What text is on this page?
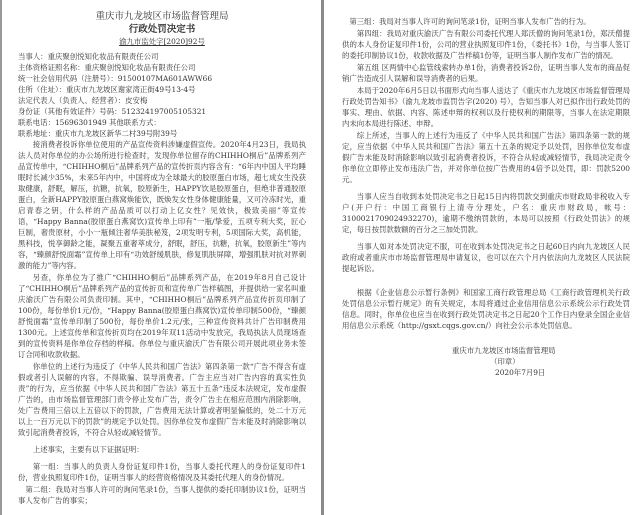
重庆市九龙坡区市场监督管理局
行政处罚决定书
渝九市监处字[2020]92号
当事人：重庆聚创悦知化妆品有限责任公司
主体资格证照名称：重庆聚创悦知化妆品有限责任公司
统一社会信用代码（注册号）：91500107MA601AWW66
住所（住址）：重庆市九龙坡区谢家湾正街49号13-4号
法定代表人（负责人、经营者）：皮安梅
身份证（其他有效证件）号码：512324197005105321
联系电话：15696301949 其他联系方式：
联系地址：重庆市九龙坡区新华二村39号附39号
接消费者投诉你单位使用的产品宣传资料涉嫌虚假宣传。2020年4月23日，我局执法人员对你单位的办公场所进行检查时，发现你单位留存的CHIHHO桐后”品牌系列产品宣传单中，“CHIHHO桐后”品牌系列产品的宣传折页内容含有：“6年内中国人平均睡眠时长减少35%，未来5年内中，中国将成为全球最大的胶原蛋白市场，超七成女生没获取健康，舒眠，解压，抗糖，抗氧，胶原新生，HAPPY饮是胶原蛋白，但绝非普通胶原蛋白，全新HAPPY胶原蛋白燕窝焕能饮，既焕发女性身体健康能量，又可冷冻时光，重启青春之钥，什么样的产品品质可以打动上亿女性？见效快，极致美丽”等宣传语，“Happy Banna(胶原蛋白燕窝饮)宣传单上印有”一瓶/挚爱，五项专利大奖，匠心巨制，奢贵原材，小小一瓶倾注奢华美肤秘笈，2项发明专利，5项国际大奖，高机能，黑科技，悦享御龄之能，凝聚五重奢萃成分，舒眠，舒压，抗糖，抗氧，胶原新生”等内容，“臻颜舒悦面霜”宣传单上印有“功效舒缓肌肤，修复肌肤屏障，增强肌肤对抗对界刺激的能力”等内容。
另查，你单位为了推广“CHIHHO桐后”品牌系列产品，在2019年8月自己设计了“CHIHHO桐后”品牌系列产品的宣传折页和宣传单广告样稿图，并提供给一家名叫重庆渝沃广告有限公司负责印制。其中，“CHIHHO桐后”品牌系列产品宣传折页印制了100份，每份单价1元/份，“Happy Banna(胶原蛋白燕窝饮)宣传单印制500份，“臻颜舒悦面霜”宣传单印制了500份，每份单价1.2元/张，三种宣传资料共计广告印制费用1300元。上述宣传单和宣传折页均在2019年双11活动中发放完，我局执法人员现场查到的宣传资料是你单位存档的样稿。你单位与重庆渝沃广告有限公司开展此项业务未签订合同和收款收据。
你单位的上述行为违反了《中华人民共和国广告法》第四条第一款“广告不得含有虚假或者引人误解的内容，不得欺骗、误导消费者。广告主应当对广告内容的真实性负责”的行为，应当依据《中华人民共和国广告法》第五十五条“违反本法规定，发布虚假广告的，由市场监督管理部门责令停止发布广告，责令广告主在相应范围内消除影响，处广告费用三倍以上五倍以下的罚款，广告费用无法计算或者明显偏低的，处二十万元以上一百万元以下的罚款”的规定予以处罚。因你单位发布虚假广告未能及时消除影响以致引起消费者投诉，不符合从轻或减轻情节。
上述事实，主要有以下证据证明：
第一组：当事人的负责人身份证复印件1份，当事人委托代理人的身份证复印件1份，营业执照复印件1份，证明当事人的经营资格情况及其委托代理人的身份情况。
第二组：我局对当事人许可的询问笔录1份，当事人提供的委托印制协议1份，证明当事人发布广告的事实；
第三组：我局对当事人许可的询问笔录1份，证明当事人发布广告的行为。
第四组：我局对重庆渝沃广告有限公司委托代理人郑沃僧的询问笔录1份，郑沃僧提供的本人身份证复印件1份，公司的营业执照复印件1份，《委托书》1份，与当事人签订的委托印制协议1份，收款收据及广告样稿1份等，证明当事人制作发布广告的情况。
第五组 区两情中心监管线索转办单1份，消费者投诉2份，证明当事人发布的商品促销广告造成引人误解和误导消费者的后果。
本局于2020年6月5日以书面形式向当事人送达了《重庆市九龙坡区市场监督管理局行政处罚告知书》（渝九龙坡市监罚告字(2020) 号），告知当事人对已拟作出行政处罚的事实、理由、依据、内容、陈述申辩的权利以及行使权利的期限等，当事人在法定期限内未向本局进行陈述、申辩。
综上所述，当事人的上述行为违反了《中华人民共和国广告法》第四条第一款的规定，应当依据《中华人民共和国广告法》第五十五条的规定予以处罚，因你单位发布虚假广告未能及时消除影响以致引起消费者投诉，不符合从轻或减轻情节，我局决定责令你单位立即停止发布违法广告，并对你单位按广告费用的4倍予以处罚，即：罚款5200元。
当事人应当自收到本处罚决定书之日起15日内将罚款交到重庆市财政局非税收入专户(开户行：中国工商银行上清寺分理处，户名：重庆市财政局，帐号：3100021709024932270)，逾期不缴纳罚款的，本局可以按照《行政处罚法》的规定，每日按罚款数额的百分之三加处罚款。
当事人如对本处罚决定不服，可在收到本处罚决定书之日起60日内向九龙坡区人民政府或者重庆市市场监督管理局申请复议，也可以在六个月内依法向九龙坡区人民法院提起诉讼。
根据《企业信息公示暂行条例》和国家工商行政管理总局《工商行政管理机关行政处罚信息公示暂行规定》的有关规定，本局将通过企业信用信息公示系统公示行政处罚信息。同时，你单位也应当在收到行政处罚决定书之日起20个工作日内登录全国企业信用信息公示系统（http://gsxt.cqgs.gov.cn/）向社会公示本处罚信息。
重庆市九龙坡区市场监督管理局
（印章）
2020年7月9日
